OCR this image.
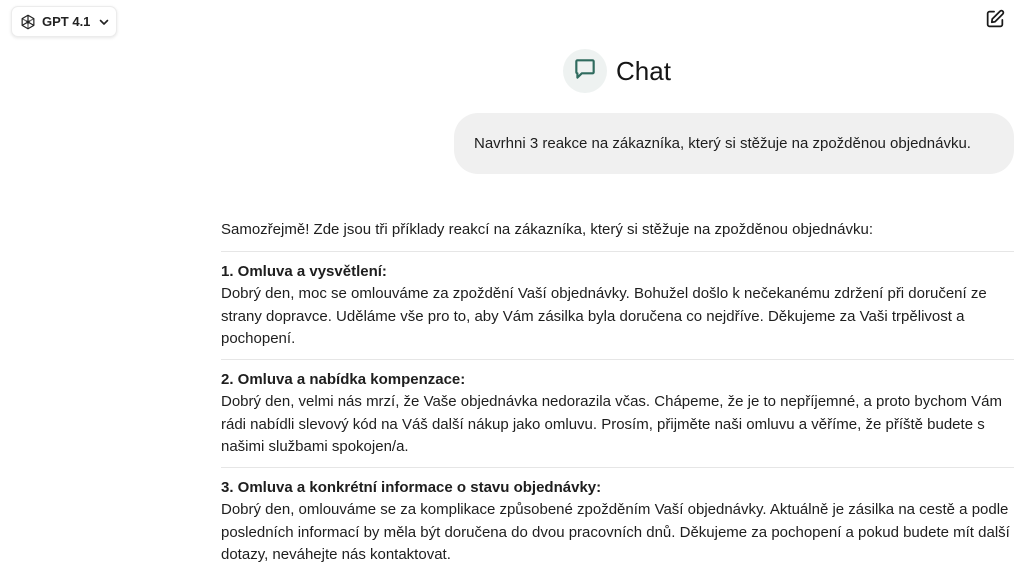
GPT 4.1
Chat
Navrhni 3 reakce na zákazníka, který si stěžuje na zpožděnou objednávku.
Samozřejmě! Zde jsou tři příklady reakcí na zákazníka, který si stěžuje na zpožděnou objednávku:
1. Omluva a vysvětlení:
Dobrý den, moc se omlouváme za zpoždění Vaší objednávky. Bohužel došlo k nečekanému zdržení při doručení ze strany dopravce. Uděláme vše pro to, aby Vám zásilka byla doručena co nejdříve. Děkujeme za Vaši trpělivost a pochopení.
2. Omluva a nabídka kompenzace:
Dobrý den, velmi nás mrzí, že Vaše objednávka nedorazila včas. Chápeme, že je to nepříjemné, a proto bychom Vám rádi nabídli slevový kód na Váš další nákup jako omluvu. Prosím, přijměte naši omluvu a věříme, že příště budete s našimi službami spokojen/a.
3. Omluva a konkrétní informace o stavu objednávky:
Dobrý den, omlouváme se za komplikace způsobené zpožděním Vaší objednávky. Aktuálně je zásilka na cestě a podle posledních informací by měla být doručena do dvou pracovních dnů. Děkujeme za pochopení a pokud budete mít další dotazy, neváhejte nás kontaktovat.
